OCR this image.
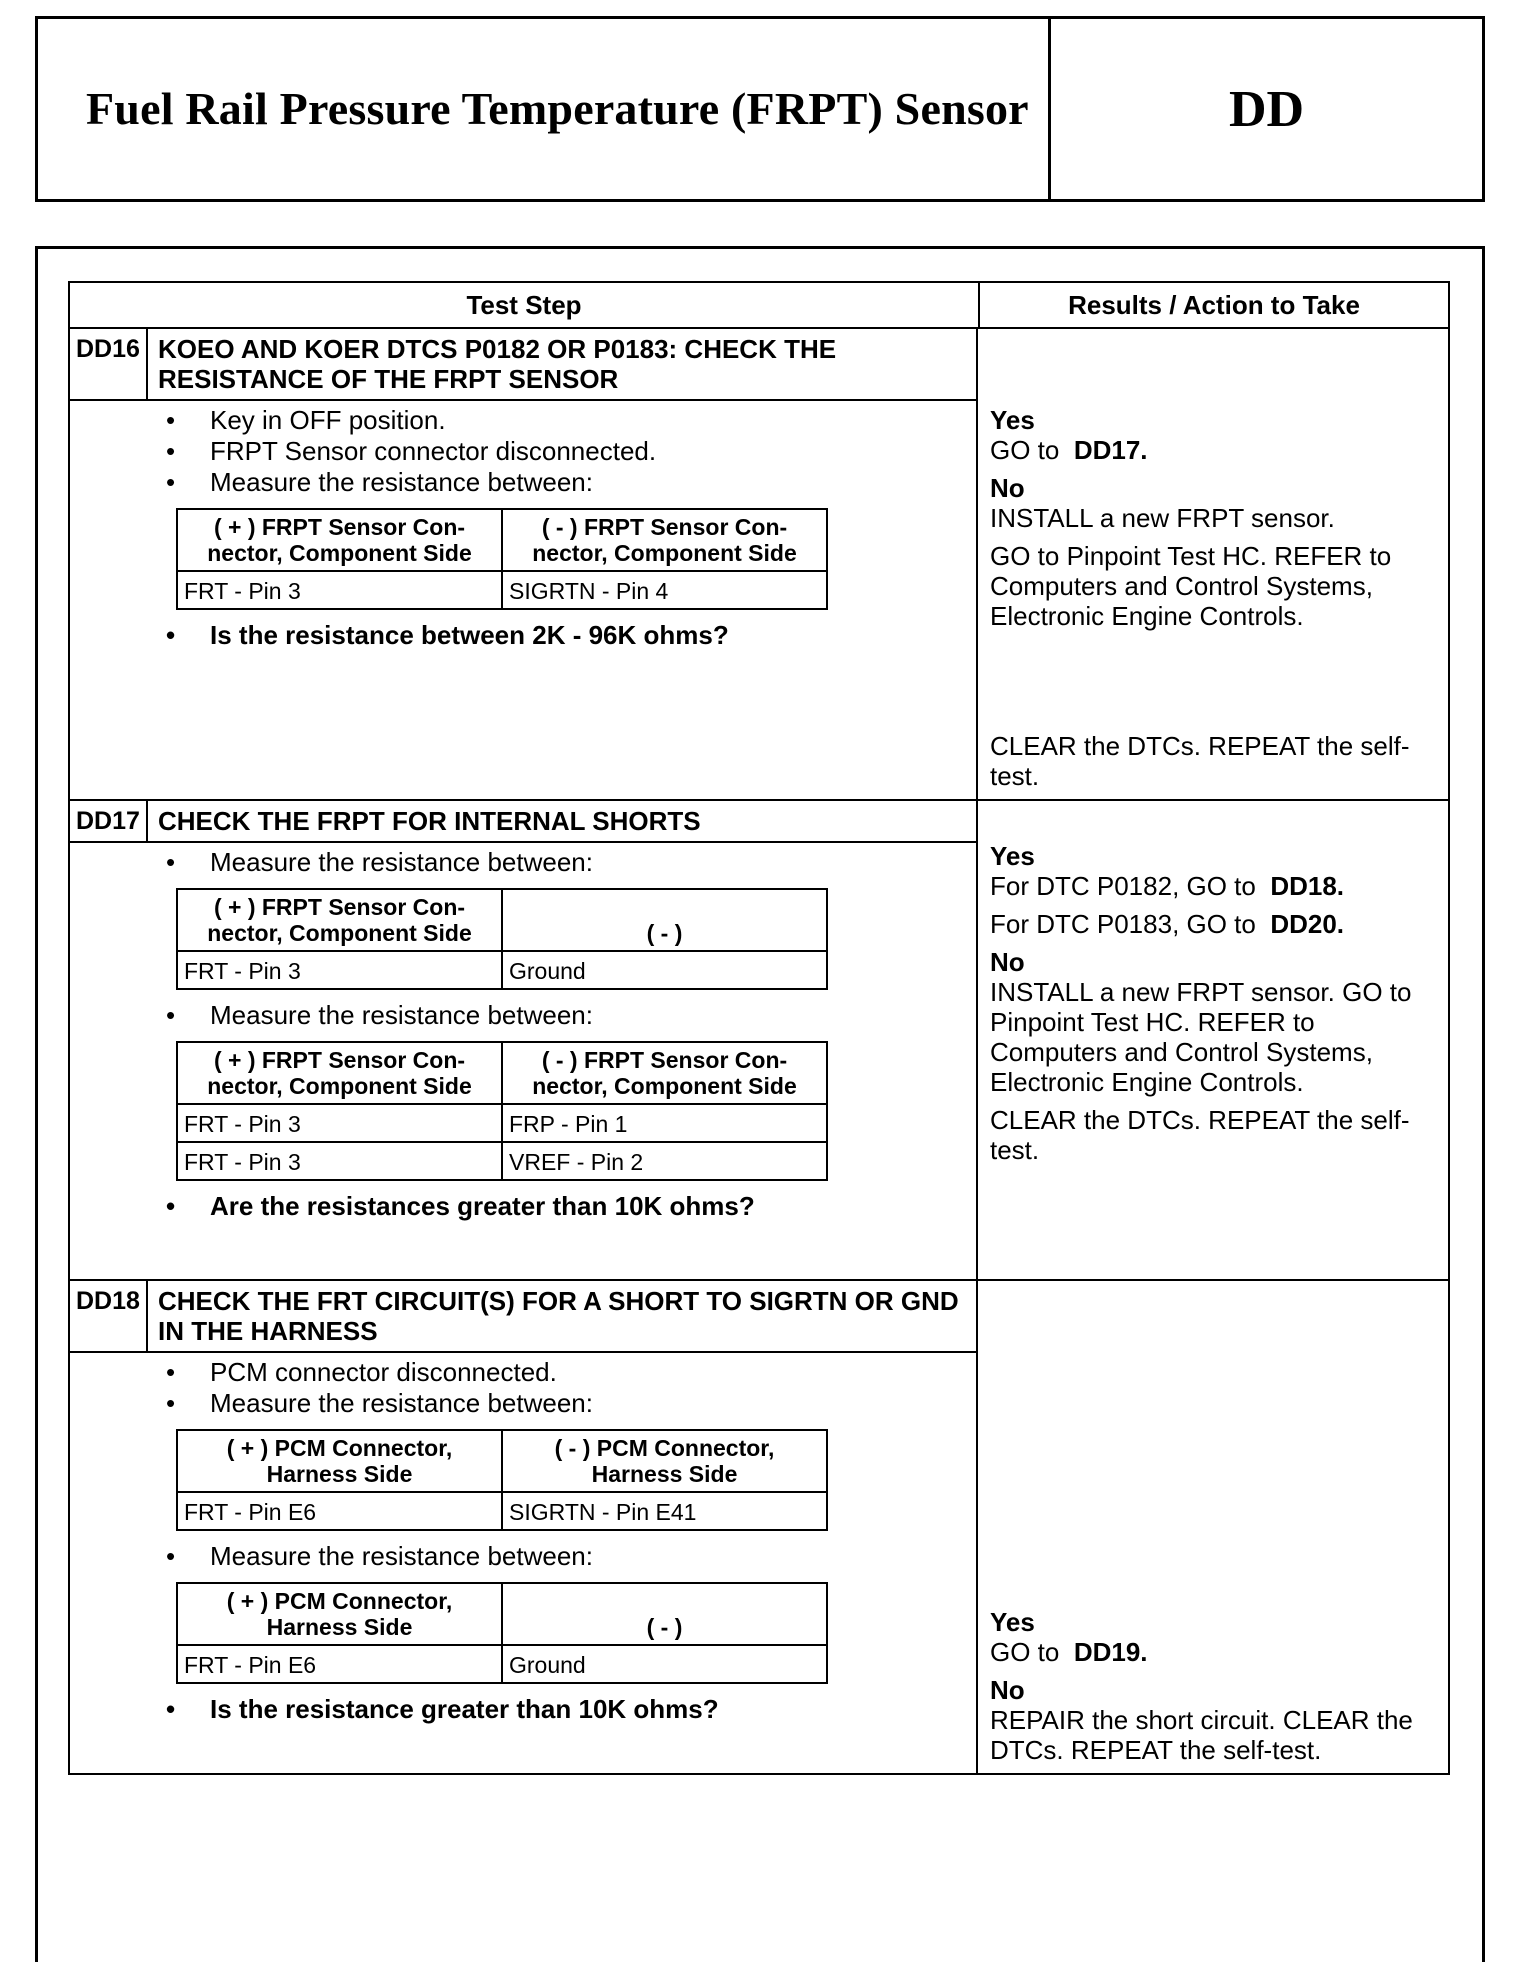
Fuel Rail Pressure Temperature (FRPT) Sensor	DD
Test Step	Results / Action to Take
DD16 KOEO AND KOER DTCS P0182 OR P0183: CHECK THE RESISTANCE OF THE FRPT SENSOR
• Key in OFF position.
• FRPT Sensor connector disconnected.
• Measure the resistance between:
( + ) FRPT Sensor Con- nector, Component Side	( - ) FRPT Sensor Con- nector, Component Side
FRT - Pin 3	SIGRTN - Pin 4
• Is the resistance between 2K - 96K ohms?
Yes

GO to DD17.

No

INSTALL a new FRPT sensor.

GO to Pinpoint Test HC. REFER to Computers and Control Systems, Electronic Engine Controls.

CLEAR the DTCs. REPEAT the self-test.

DD17 CHECK THE FRPT FOR INTERNAL SHORTS
• Measure the resistance between:
( + ) FRPT Sensor Con- nector, Component Side	( - )
FRT - Pin 3	Ground
• Measure the resistance between:
( + ) FRPT Sensor Con- nector, Component Side	( - ) FRPT Sensor Con- nector, Component Side
FRT - Pin 3	FRP - Pin 1
FRT - Pin 3	VREF - Pin 2
• Are the resistances greater than 10K ohms?
Yes

For DTC P0182, GO to DD18.

For DTC P0183, GO to DD20.

No

INSTALL a new FRPT sensor. GO to Pinpoint Test HC. REFER to Computers and Control Systems, Electronic Engine Controls.

CLEAR the DTCs. REPEAT the self-test.

DD18 CHECK THE FRT CIRCUIT(S) FOR A SHORT TO SIGRTN OR GND IN THE HARNESS
• PCM connector disconnected.
• Measure the resistance between:
( + ) PCM Connector, Harness Side	( - ) PCM Connector, Harness Side
FRT - Pin E6	SIGRTN - Pin E41
• Measure the resistance between:
( + ) PCM Connector, Harness Side	( - )
FRT - Pin E6	Ground
• Is the resistance greater than 10K ohms?
Yes

GO to DD19.

No

REPAIR the short circuit. CLEAR the DTCs. REPEAT the self-test.
